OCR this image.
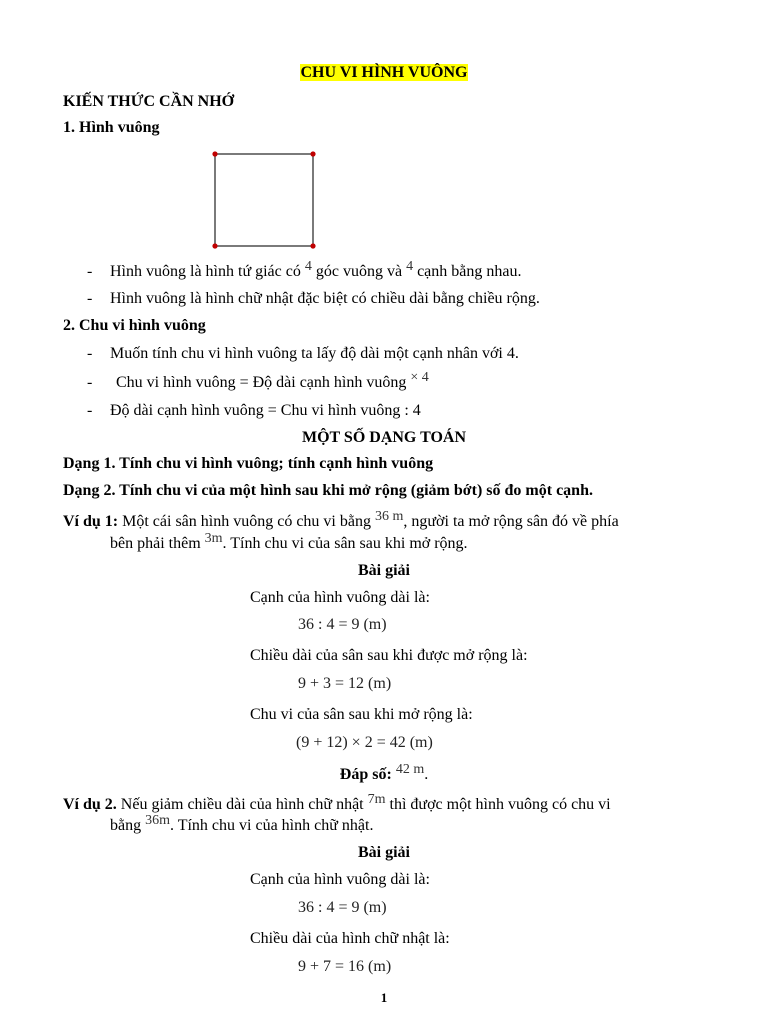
CHU VI HÌNH VUÔNG
KIẾN THỨC CẦN NHỚ
1. Hình vuông
- Hình vuông là hình tứ giác có 4 góc vuông và 4 cạnh bằng nhau.
- Hình vuông là hình chữ nhật đặc biệt có chiều dài bằng chiều rộng.
2. Chu vi hình vuông
- Muốn tính chu vi hình vuông ta lấy độ dài một cạnh nhân với 4.
- Chu vi hình vuông = Độ dài cạnh hình vuông × 4
- Độ dài cạnh hình vuông = Chu vi hình vuông : 4
MỘT SỐ DẠNG TOÁN
Dạng 1. Tính chu vi hình vuông; tính cạnh hình vuông
Dạng 2. Tính chu vi của một hình sau khi mở rộng (giảm bớt) số đo một cạnh.
Ví dụ 1: Một cái sân hình vuông có chu vi bằng 36 m, người ta mở rộng sân đó về phía
bên phải thêm 3m. Tính chu vi của sân sau khi mở rộng.
Bài giải
Cạnh của hình vuông dài là:
36 : 4 = 9 (m)
Chiều dài của sân sau khi được mở rộng là:
9 + 3 = 12 (m)
Chu vi của sân sau khi mở rộng là:
(9 + 12) × 2 = 42 (m)
Đáp số: 42 m.
Ví dụ 2. Nếu giảm chiều dài của hình chữ nhật 7m thì được một hình vuông có chu vi
bằng 36m. Tính chu vi của hình chữ nhật.
Bài giải
Cạnh của hình vuông dài là:
36 : 4 = 9 (m)
Chiều dài của hình chữ nhật là:
9 + 7 = 16 (m)
1
